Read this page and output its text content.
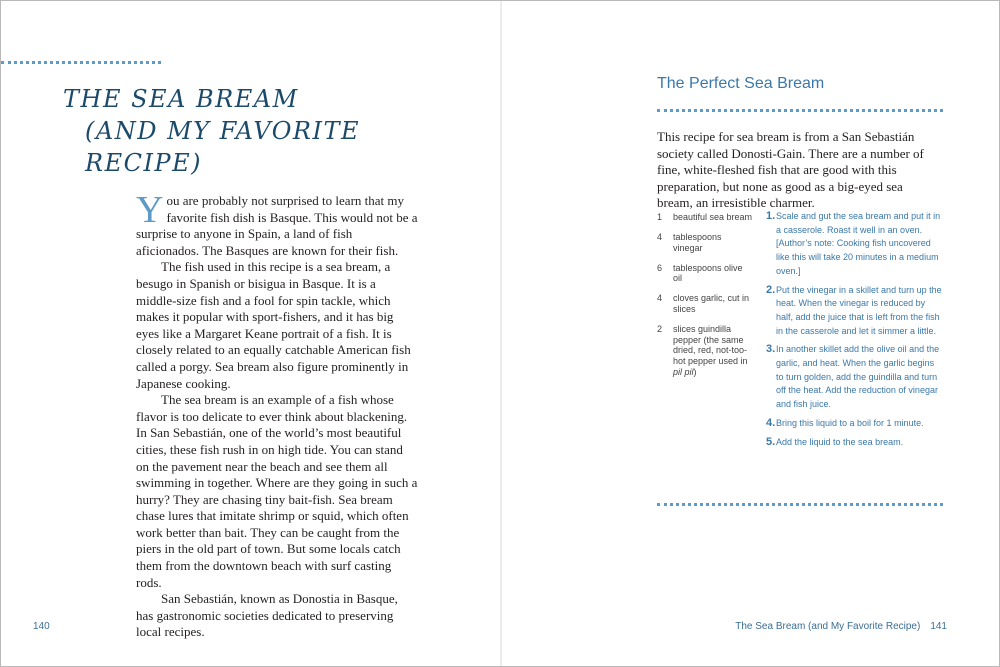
THE SEA BREAM
(AND MY FAVORITE RECIPE)

You are probably not surprised to learn that my favorite fish dish is Basque. This would not be a surprise to anyone in Spain, a land of fish aficionados. The Basques are known for their fish.

The fish used in this recipe is a sea bream, a besugo in Spanish or bisigua in Basque. It is a middle-size fish and a fool for spin tackle, which makes it popular with sport-fishers, and it has big eyes like a Margaret Keane portrait of a fish. It is closely related to an equally catchable American fish called a porgy. Sea bream also figure prominently in Japanese cooking.

The sea bream is an example of a fish whose flavor is too delicate to ever think about blackening. In San Sebastián, one of the world’s most beautiful cities, these fish rush in on high tide. You can stand on the pavement near the beach and see them all swimming in together. Where are they going in such a hurry? They are chasing tiny bait-fish. Sea bream chase lures that imitate shrimp or squid, which often work better than bait. They can be caught from the piers in the old part of town. But some locals catch them from the downtown beach with surf casting rods.

San Sebastián, known as Donostia in Basque, has gastronomic societies dedicated to preserving local recipes.

140
The Perfect Sea Bream

This recipe for sea bream is from a San Sebastián society called Donosti-Gain. There are a number of fine, white-fleshed fish that are good with this preparation, but none as good as a big-eyed sea bream, an irresistible charmer.

1	beautiful sea bream
4	tablespoons vinegar
6	tablespoons olive oil
4	cloves garlic, cut in slices
2	slices guindilla pepper (the same dried, red, not-too-hot pepper used in pil pil)
1. Scale and gut the sea bream and put it in a casserole. Roast it well in an oven. [Author’s note: Cooking fish uncovered like this will take 20 minutes in a medium oven.]
2. Put the vinegar in a skillet and turn up the heat. When the vinegar is reduced by half, add the juice that is left from the fish in the casserole and let it simmer a little.
3. In another skillet add the olive oil and the garlic, and heat. When the garlic begins to turn golden, add the guindilla and turn off the heat. Add the reduction of vinegar and fish juice.
4. Bring this liquid to a boil for 1 minute.
5. Add the liquid to the sea bream.
The Sea Bream (and My Favorite Recipe) 141
